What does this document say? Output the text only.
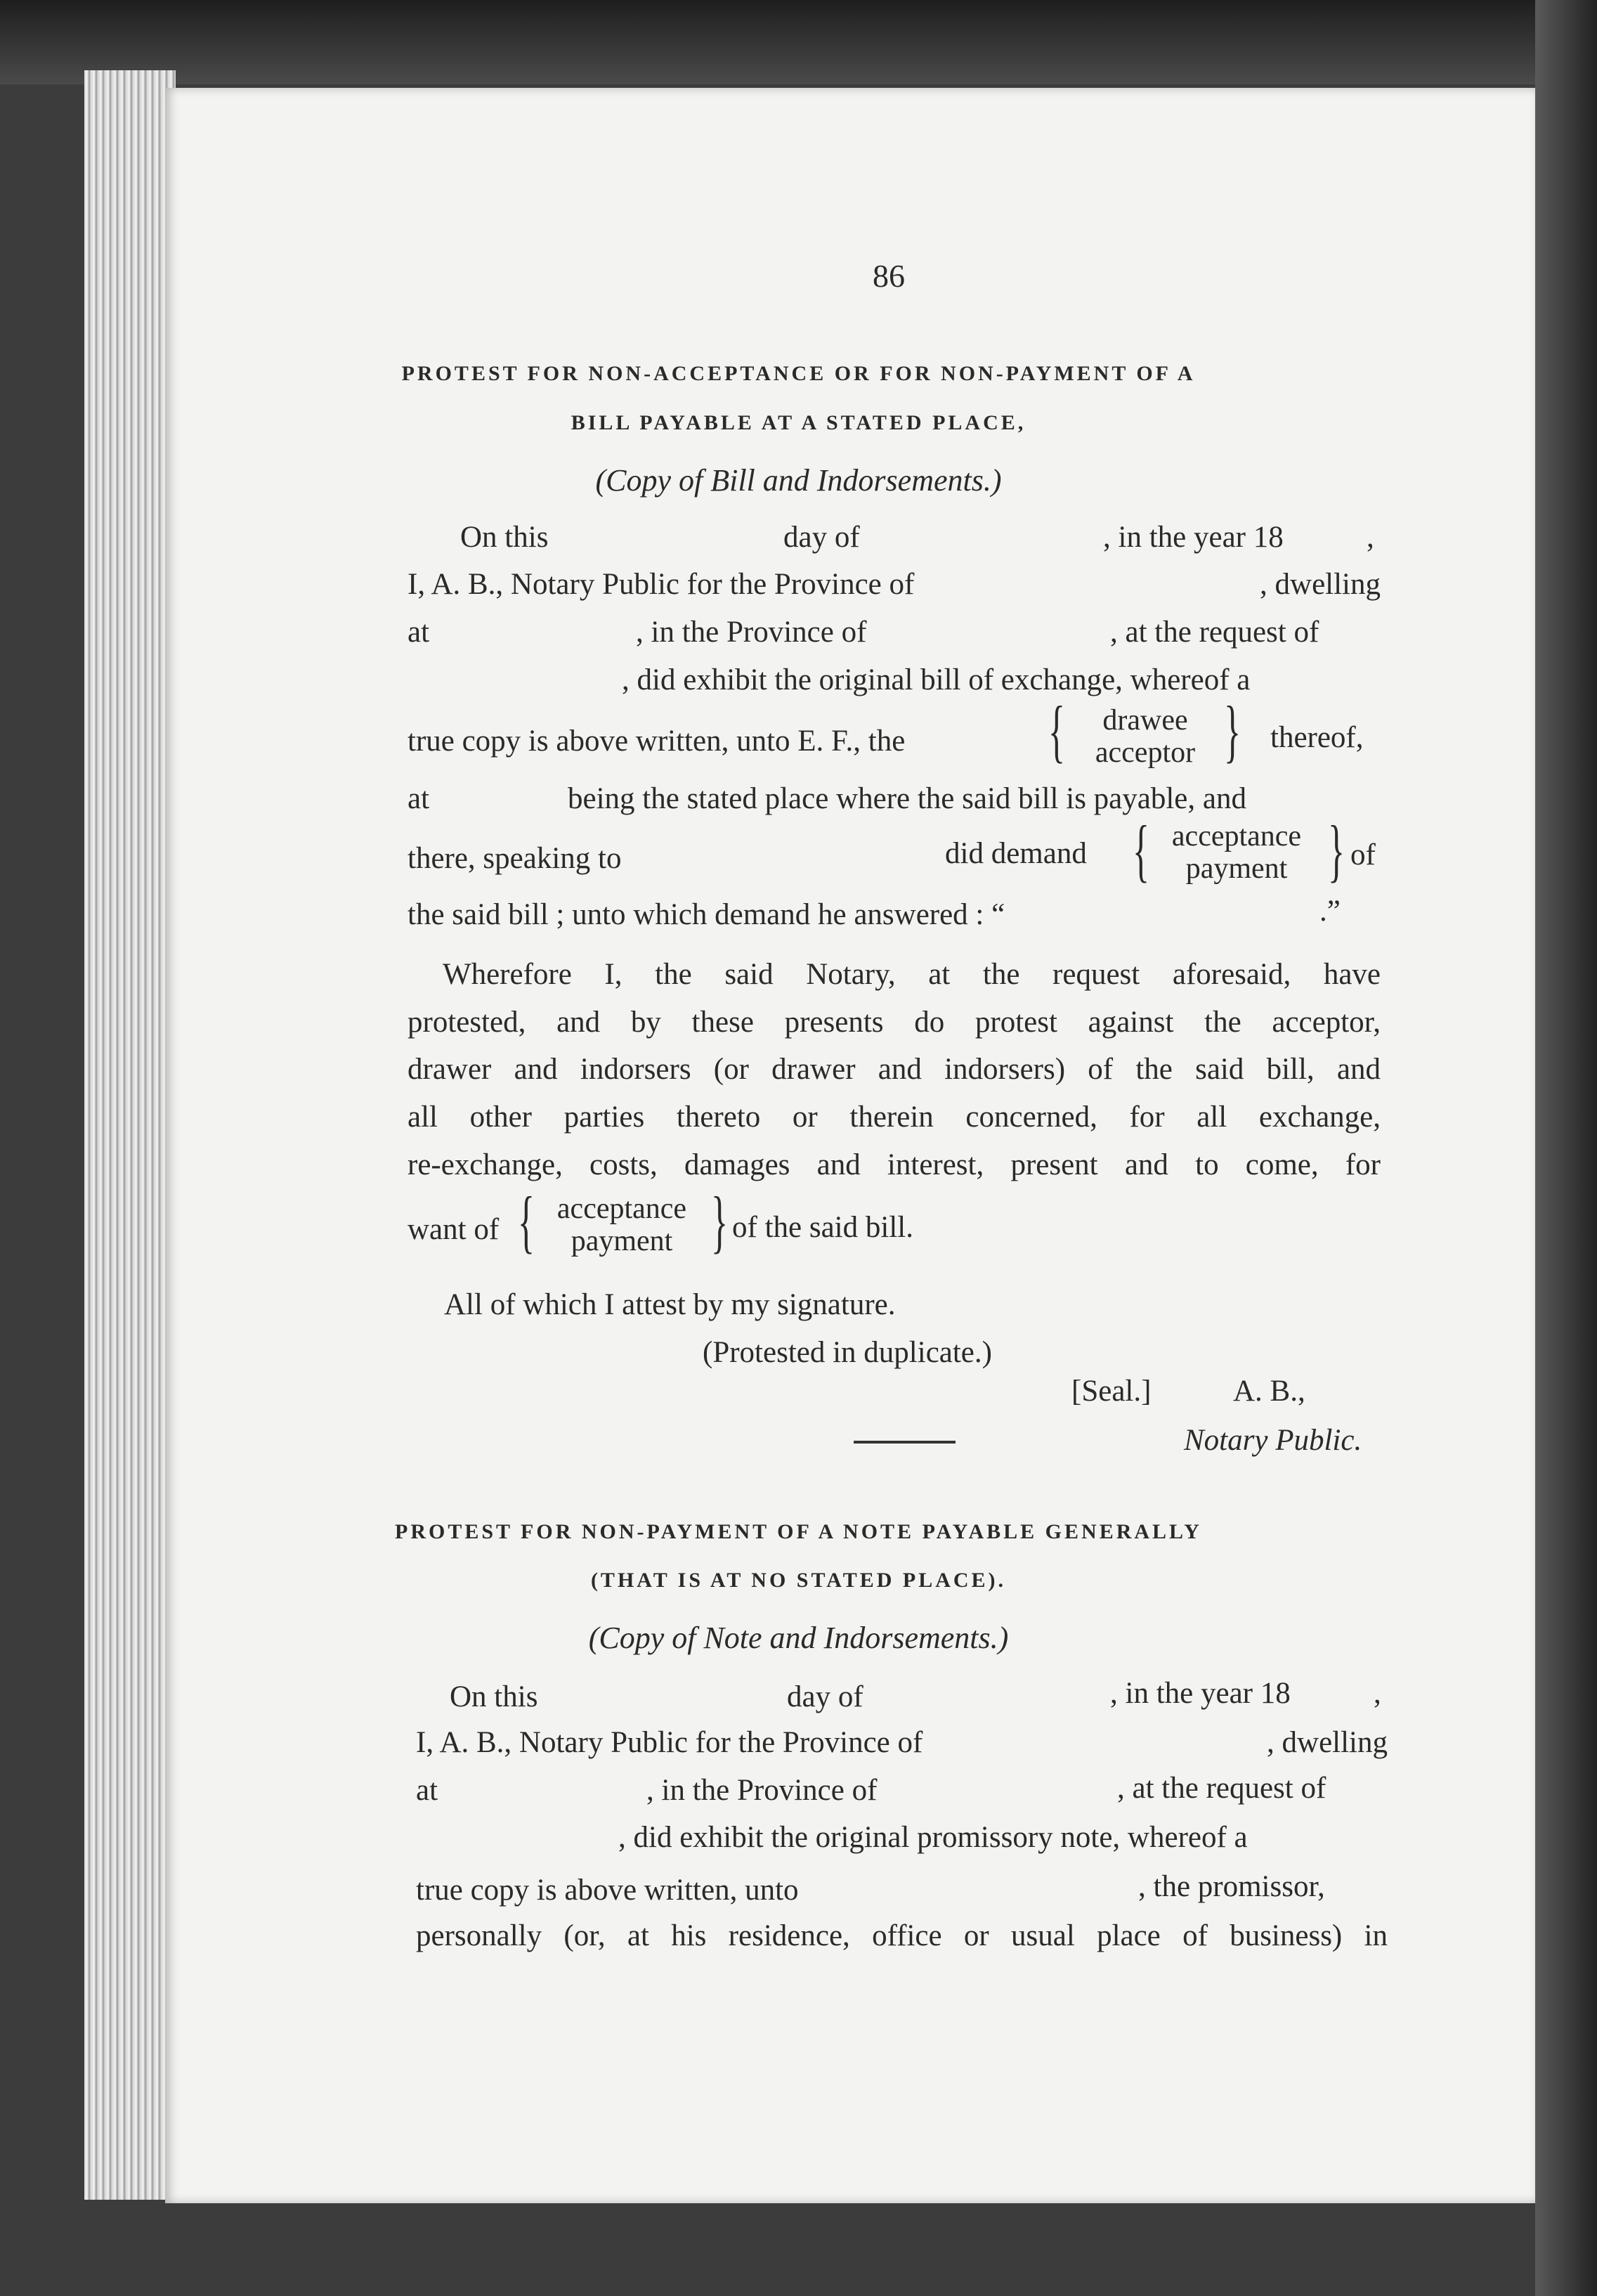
86
PROTEST FOR NON-ACCEPTANCE OR FOR NON-PAYMENT OF A
BILL PAYABLE AT A STATED PLACE,
(Copy of Bill and Indorsements.)
On this	day of	, in the year 18	,
I, A. B., Notary Public for the Province of	, dwelling
at	, in the Province of	, at the request of
, did exhibit the original bill of exchange, whereof a
true copy is above written, unto E. F., the {	drawee
acceptor } thereof,
at	being the stated place where the said bill is payable, and
there, speaking to	did demand { acceptance
payment } of
the said bill ; unto which demand he answered : “	.”
Wherefore I, the said Notary, at the request aforesaid, have
protested, and by these presents do protest against the acceptor,
drawer and indorsers (or drawer and indorsers) of the said bill, and
all other parties thereto or therein concerned, for all exchange,
re-exchange, costs, damages and interest, present and to come, for
want of { acceptance
payment } of the said bill.
All of which I attest by my signature.
(Protested in duplicate.)
[Seal.]	A. B.,
Notary Public.
PROTEST FOR NON-PAYMENT OF A NOTE PAYABLE GENERALLY
(THAT IS AT NO STATED PLACE).
(Copy of Note and Indorsements.)
On this	day of	, in the year 18	,
I, A. B., Notary Public for the Province of	, dwelling
at	, in the Province of	, at the request of
, did exhibit the original promissory note, whereof a
true copy is above written, unto	, the promissor,
personally (or, at his residence, office or usual place of business) in
